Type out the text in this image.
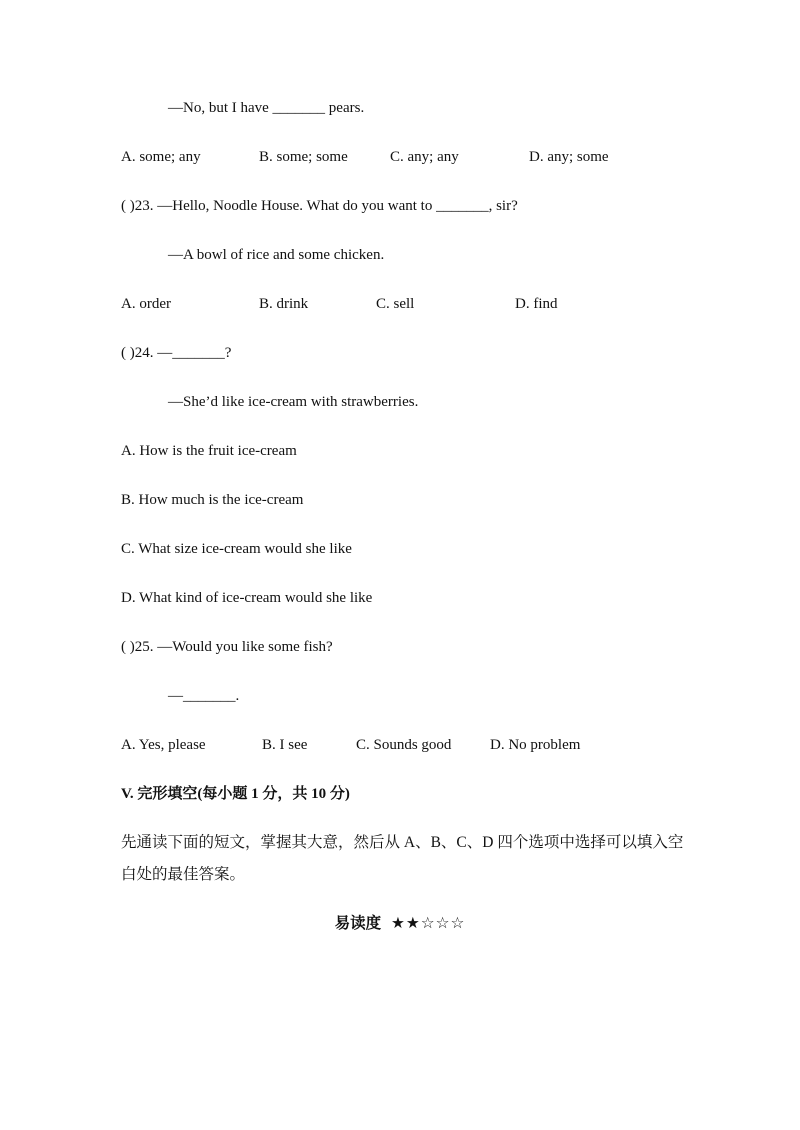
—No, but I have _______ pears.
A. some; any	B. some; some	C. any; any	D. any; some
( )23. —Hello, Noodle House. What do you want to _______, sir?
—A bowl of rice and some chicken.
A. order	B. drink	C. sell	D. find
( )24. —_______?
—She’d like ice-cream with strawberries.
A. How is the fruit ice-cream
B. How much is the ice-cream
C. What size ice-cream would she like
D. What kind of ice-cream would she like
( )25. —Would you like some fish?
—_______.
A. Yes, please	B. I see	C. Sounds good	D. No problem
V. 完形填空(每小题 1 分，共 10 分)
先通读下面的短文，掌握其大意，然后从 A、B、C、D 四个选项中选择可以填入空白处的最佳答案。
易读度 ★★☆☆☆
